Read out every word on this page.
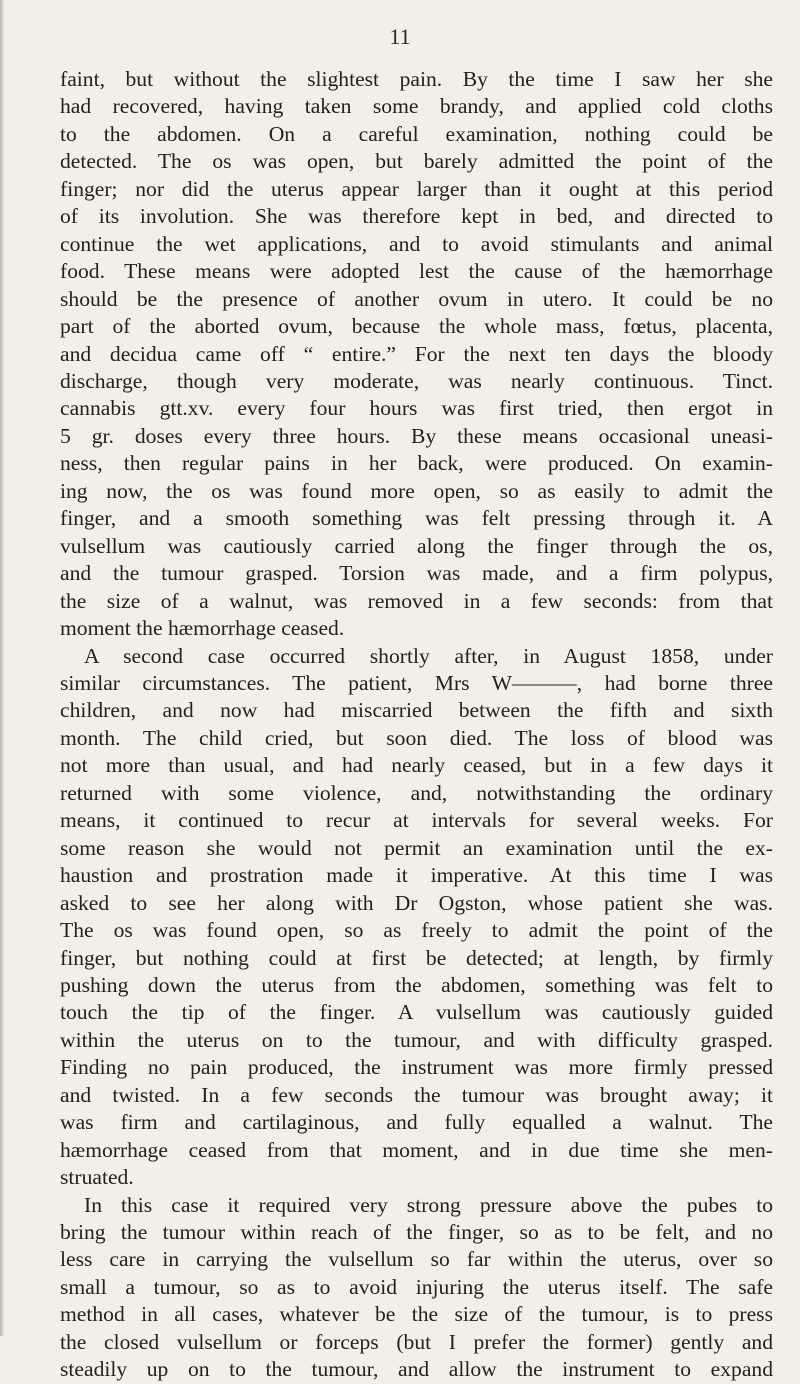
11
faint, but without the slightest pain. By the time I saw her she
had recovered, having taken some brandy, and applied cold cloths
to the abdomen. On a careful examination, nothing could be
detected. The os was open, but barely admitted the point of the
finger; nor did the uterus appear larger than it ought at this period
of its involution. She was therefore kept in bed, and directed to
continue the wet applications, and to avoid stimulants and animal
food. These means were adopted lest the cause of the hæmorrhage
should be the presence of another ovum in utero. It could be no
part of the aborted ovum, because the whole mass, fœtus, placenta,
and decidua came off “ entire.” For the next ten days the bloody
discharge, though very moderate, was nearly continuous. Tinct.
cannabis gtt.xv. every four hours was first tried, then ergot in
5 gr. doses every three hours. By these means occasional uneasi-
ness, then regular pains in her back, were produced. On examin-
ing now, the os was found more open, so as easily to admit the
finger, and a smooth something was felt pressing through it. A
vulsellum was cautiously carried along the finger through the os,
and the tumour grasped. Torsion was made, and a firm polypus,
the size of a walnut, was removed in a few seconds: from that
moment the hæmorrhage ceased.
A second case occurred shortly after, in August 1858, under
similar circumstances. The patient, Mrs W———, had borne three
children, and now had miscarried between the fifth and sixth
month. The child cried, but soon died. The loss of blood was
not more than usual, and had nearly ceased, but in a few days it
returned with some violence, and, notwithstanding the ordinary
means, it continued to recur at intervals for several weeks. For
some reason she would not permit an examination until the ex-
haustion and prostration made it imperative. At this time I was
asked to see her along with Dr Ogston, whose patient she was.
The os was found open, so as freely to admit the point of the
finger, but nothing could at first be detected; at length, by firmly
pushing down the uterus from the abdomen, something was felt to
touch the tip of the finger. A vulsellum was cautiously guided
within the uterus on to the tumour, and with difficulty grasped.
Finding no pain produced, the instrument was more firmly pressed
and twisted. In a few seconds the tumour was brought away; it
was firm and cartilaginous, and fully equalled a walnut. The
hæmorrhage ceased from that moment, and in due time she men-
struated.
In this case it required very strong pressure above the pubes to
bring the tumour within reach of the finger, so as to be felt, and no
less care in carrying the vulsellum so far within the uterus, over so
small a tumour, so as to avoid injuring the uterus itself. The safe
method in all cases, whatever be the size of the tumour, is to press
the closed vulsellum or forceps (but I prefer the former) gently and
steadily up on to the tumour, and allow the instrument to expand
